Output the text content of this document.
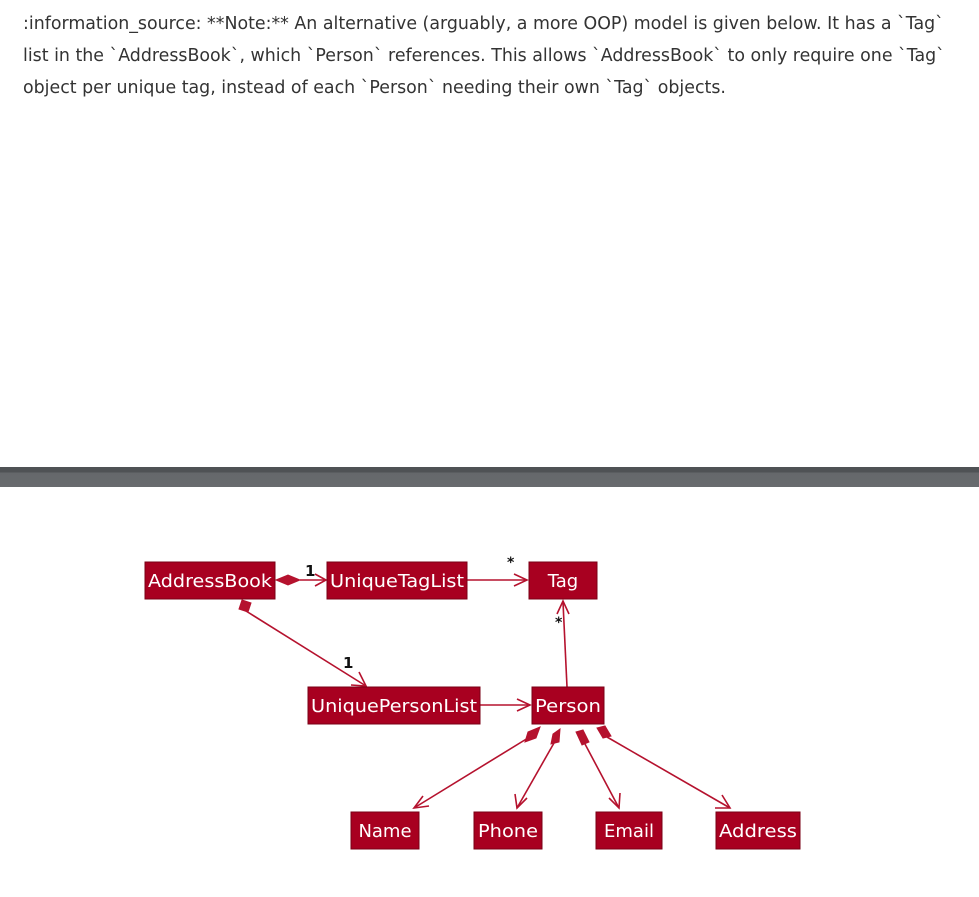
:information_source: **Note:** An alternative (arguably, a more OOP) model is given below. It has a `Tag` list in the `AddressBook`, which `Person` references. This allows `AddressBook` to only require one `Tag` object per unique tag, instead of each `Person` needing their own `Tag` objects.

1	*
1
*
AddressBook	UniqueTagList	Tag
UniquePersonList	Person
Name	Phone	Email	Address
